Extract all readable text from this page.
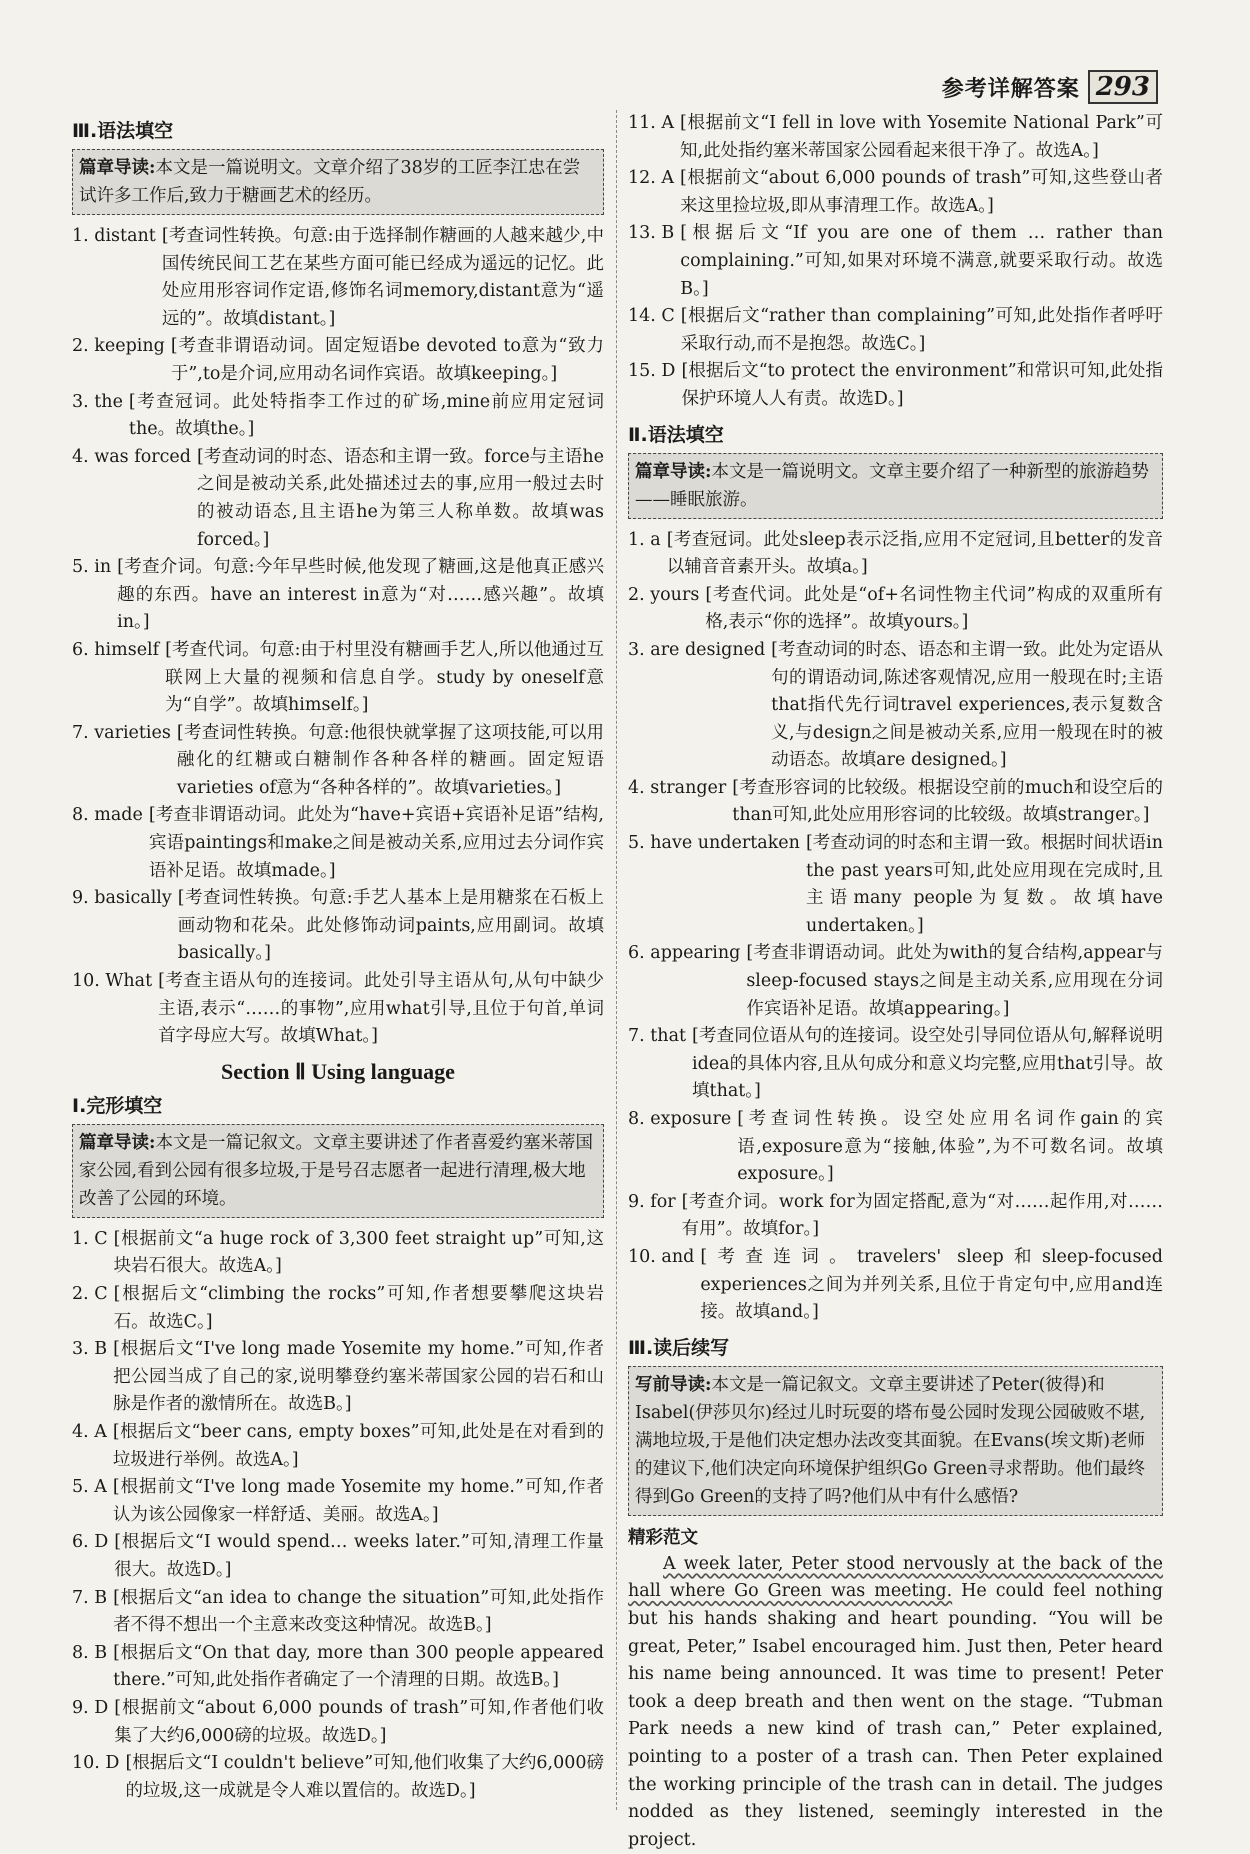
参考详解答案 293
Ⅲ.语法填空
篇章导读:本文是一篇说明文。文章介绍了38岁的工匠李江忠在尝试许多工作后,致力于糖画艺术的经历。
1. distant [考查词性转换。句意:由于选择制作糖画的人越来越少,中国传统民间工艺在某些方面可能已经成为遥远的记忆。此处应用形容词作定语,修饰名词memory,distant意为“遥远的”。故填distant。]
2. keeping [考查非谓语动词。固定短语be devoted to意为“致力于”,to是介词,应用动名词作宾语。故填keeping。]
3. the [考查冠词。此处特指李工作过的矿场,mine前应用定冠词the。故填the。]
4. was forced [考查动词的时态、语态和主谓一致。force与主语he之间是被动关系,此处描述过去的事,应用一般过去时的被动语态,且主语he为第三人称单数。故填was forced。]
5. in [考查介词。句意:今年早些时候,他发现了糖画,这是他真正感兴趣的东西。have an interest in意为“对……感兴趣”。故填in。]
6. himself [考查代词。句意:由于村里没有糖画手艺人,所以他通过互联网上大量的视频和信息自学。study by oneself意为“自学”。故填himself。]
7. varieties [考查词性转换。句意:他很快就掌握了这项技能,可以用融化的红糖或白糖制作各种各样的糖画。固定短语varieties of意为“各种各样的”。故填varieties。]
8. made [考查非谓语动词。此处为“have+宾语+宾语补足语”结构,宾语paintings和make之间是被动关系,应用过去分词作宾语补足语。故填made。]
9. basically [考查词性转换。句意:手艺人基本上是用糖浆在石板上画动物和花朵。此处修饰动词paints,应用副词。故填basically。]
10. What [考查主语从句的连接词。此处引导主语从句,从句中缺少主语,表示“……的事物”,应用what引导,且位于句首,单词首字母应大写。故填What。]
Section Ⅱ Using language
Ⅰ.完形填空
篇章导读:本文是一篇记叙文。文章主要讲述了作者喜爱约塞米蒂国家公园,看到公园有很多垃圾,于是号召志愿者一起进行清理,极大地改善了公园的环境。
1. C [根据前文“a huge rock of 3,300 feet straight up”可知,这块岩石很大。故选A。]
2. C [根据后文“climbing the rocks”可知,作者想要攀爬这块岩石。故选C。]
3. B [根据后文“I've long made Yosemite my home.”可知,作者把公园当成了自己的家,说明攀登约塞米蒂国家公园的岩石和山脉是作者的激情所在。故选B。]
4. A [根据后文“beer cans, empty boxes”可知,此处是在对看到的垃圾进行举例。故选A。]
5. A [根据前文“I've long made Yosemite my home.”可知,作者认为该公园像家一样舒适、美丽。故选A。]
6. D [根据后文“I would spend… weeks later.”可知,清理工作量很大。故选D。]
7. B [根据后文“an idea to change the situation”可知,此处指作者不得不想出一个主意来改变这种情况。故选B。]
8. B [根据后文“On that day, more than 300 people appeared there.”可知,此处指作者确定了一个清理的日期。故选B。]
9. D [根据前文“about 6,000 pounds of trash”可知,作者他们收集了大约6,000磅的垃圾。故选D。]
10. D [根据后文“I couldn't believe”可知,他们收集了大约6,000磅的垃圾,这一成就是令人难以置信的。故选D。]
11. A [根据前文“I fell in love with Yosemite National Park”可知,此处指约塞米蒂国家公园看起来很干净了。故选A。]
12. A [根据前文“about 6,000 pounds of trash”可知,这些登山者来这里捡垃圾,即从事清理工作。故选A。]
13. B [根据后文“If you are one of them … rather than complaining.”可知,如果对环境不满意,就要采取行动。故选B。]
14. C [根据后文“rather than complaining”可知,此处指作者呼吁采取行动,而不是抱怨。故选C。]
15. D [根据后文“to protect the environment”和常识可知,此处指保护环境人人有责。故选D。]
Ⅱ.语法填空
篇章导读:本文是一篇说明文。文章主要介绍了一种新型的旅游趋势——睡眠旅游。
1. a [考查冠词。此处sleep表示泛指,应用不定冠词,且better的发音以辅音音素开头。故填a。]
2. yours [考查代词。此处是“of+名词性物主代词”构成的双重所有格,表示“你的选择”。故填yours。]
3. are designed [考查动词的时态、语态和主谓一致。此处为定语从句的谓语动词,陈述客观情况,应用一般现在时;主语that指代先行词travel experiences,表示复数含义,与design之间是被动关系,应用一般现在时的被动语态。故填are designed。]
4. stranger [考查形容词的比较级。根据设空前的much和设空后的than可知,此处应用形容词的比较级。故填stranger。]
5. have undertaken [考查动词的时态和主谓一致。根据时间状语in the past years可知,此处应用现在完成时,且主语many people为复数。故填have undertaken。]
6. appearing [考查非谓语动词。此处为with的复合结构,appear与sleep-focused stays之间是主动关系,应用现在分词作宾语补足语。故填appearing。]
7. that [考查同位语从句的连接词。设空处引导同位语从句,解释说明idea的具体内容,且从句成分和意义均完整,应用that引导。故填that。]
8. exposure [考查词性转换。设空处应用名词作gain的宾语,exposure意为“接触,体验”,为不可数名词。故填exposure。]
9. for [考查介词。work for为固定搭配,意为“对……起作用,对……有用”。故填for。]
10. and [考查连词。travelers' sleep和sleep-focused experiences之间为并列关系,且位于肯定句中,应用and连接。故填and。]
Ⅲ.读后续写
写前导读:本文是一篇记叙文。文章主要讲述了Peter(彼得)和Isabel(伊莎贝尔)经过儿时玩耍的塔布曼公园时发现公园破败不堪,满地垃圾,于是他们决定想办法改变其面貌。在Evans(埃文斯)老师的建议下,他们决定向环境保护组织Go Green寻求帮助。他们最终得到Go Green的支持了吗?他们从中有什么感悟?
精彩范文
A week later, Peter stood nervously at the back of the hall where Go Green was meeting. He could feel nothing but his hands shaking and heart pounding. “You will be great, Peter,” Isabel encouraged him. Just then, Peter heard his name being announced. It was time to present! Peter took a deep breath and then went on the stage. “Tubman Park needs a new kind of trash can,” Peter explained, pointing to a poster of a trash can. Then Peter explained the working principle of the trash can in detail. The judges nodded as they listened, seemingly interested in the project.
